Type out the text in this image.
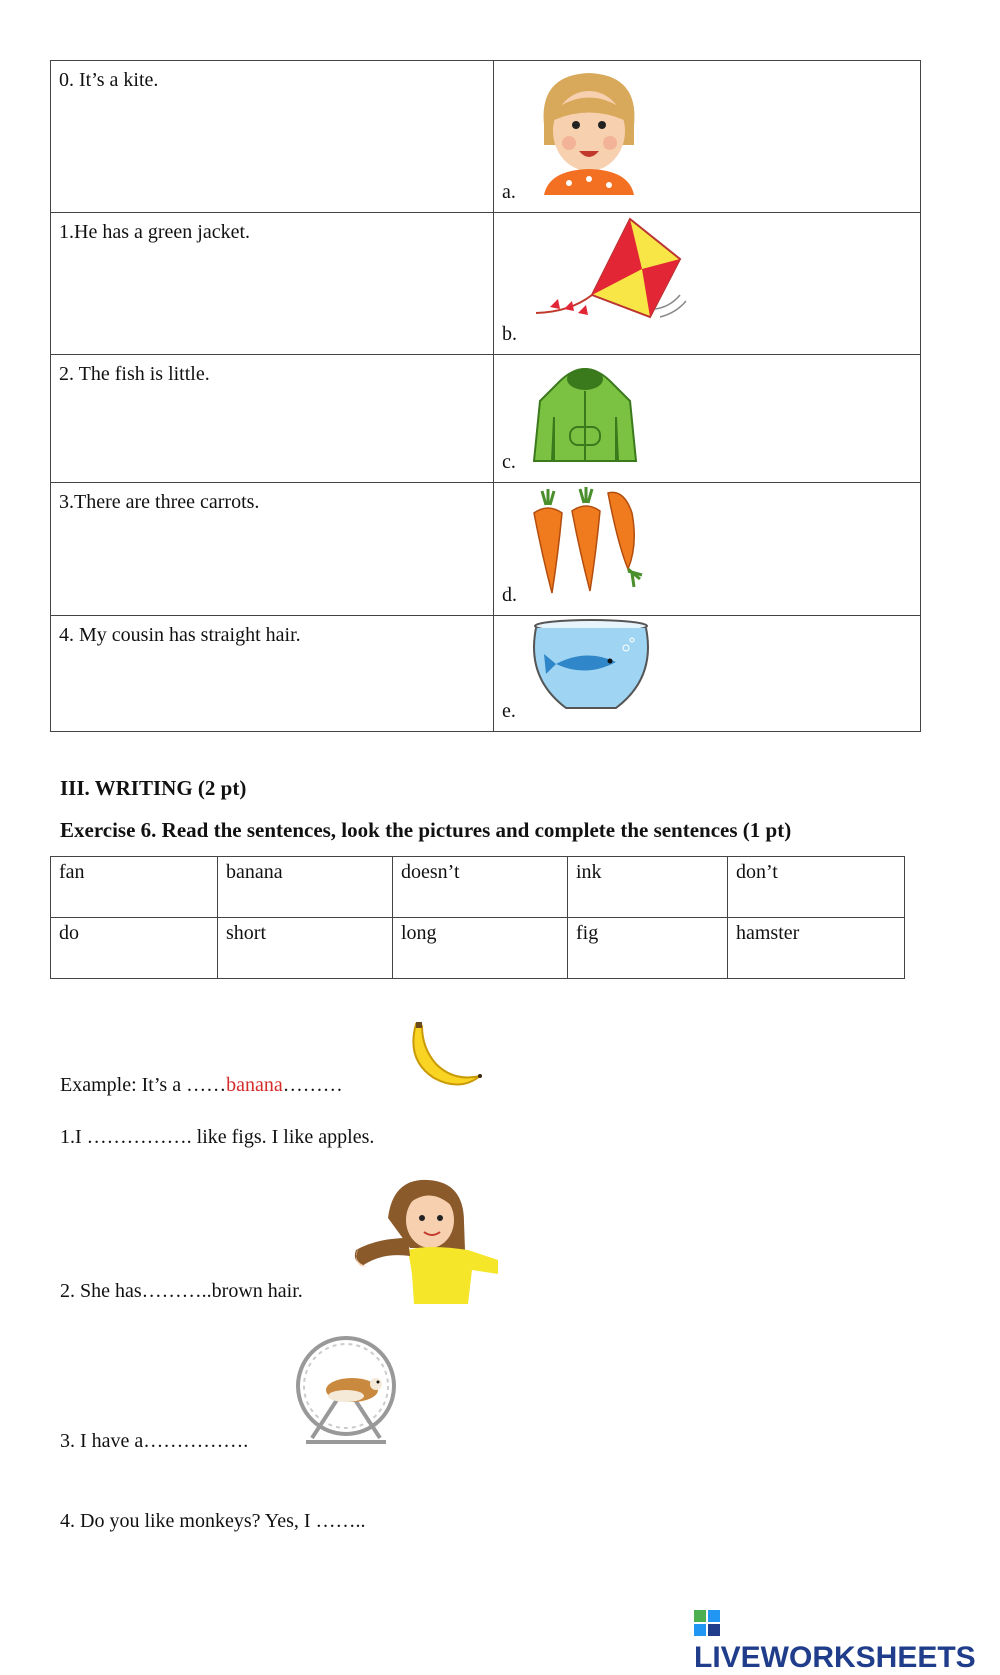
0. It’s a kite.	a.

1.He has a green jacket.	b.

2. The fish is little.	c.

3.There are three carrots.	d.

4. My cousin has straight hair.	e.
III. WRITING (2 pt)
Exercise 6. Read the sentences, look the pictures and complete the sentences (1 pt)
fan	banana	doesn’t	ink	don’t
do	short	long	fig	hamster
Example: It’s a ……banana………
1.I ……………. like figs. I like apples.
2. She has………..brown hair.
3. I have a…………….
4. Do you like monkeys? Yes, I ……..
LIVEWORKSHEETS
